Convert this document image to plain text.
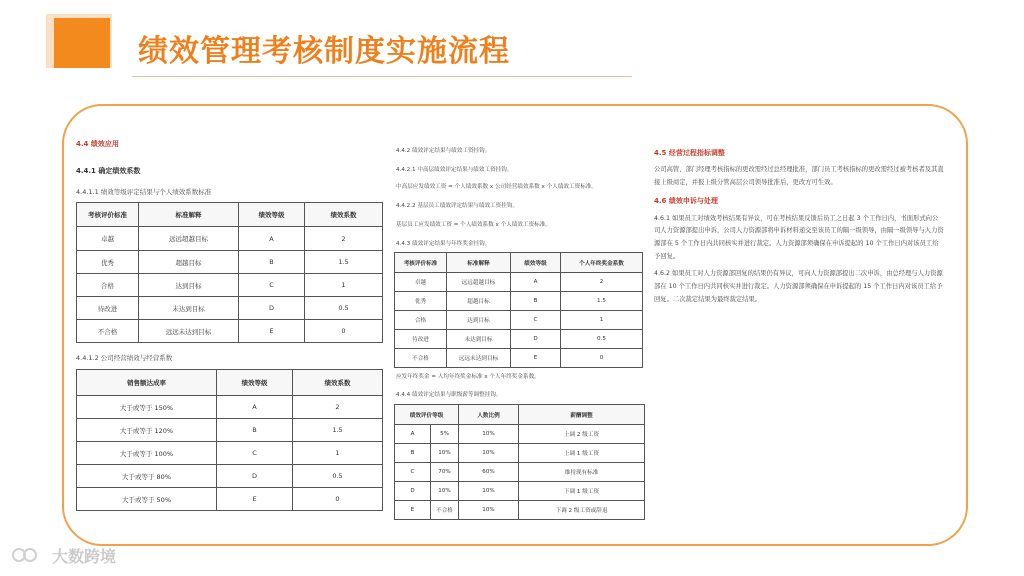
绩效管理考核制度实施流程

4.4 绩效应用

4.4.1 确定绩效系数

4.4.1.1 绩效等级评定结果与个人绩效系数标准

考核评价标准	标准解释	绩效等级	绩效系数
卓越	远远超越目标	A	2
优秀	超越目标	B	1.5
合格	达到目标	C	1
待改进	未达到目标	D	0.5
不合格	远远未达到目标	E	0

4.4.1.2 公司经营绩效与经营系数

销售额达成率	绩效等级	绩效系数
大于或等于 150%	A	2
大于或等于 120%	B	1.5
大于或等于 100%	C	1
大于或等于 80%	D	0.5
大于或等于 50%	E	0

4.4.2 绩效评定结果与绩效工资挂钩。

4.4.2.1 中高层绩效评定结果与绩效工资挂钩。

中高层应发绩效工资 = 个人绩效系数 x 公司经营绩效系数 x 个人绩效工资标准。

4.4.2.2 基层员工绩效评定结果与绩效工资挂钩。

基层员工应发绩效工资 = 个人绩效系数 x 个人绩效工资标准。

4.4.3 绩效评定结果与年终奖金挂钩。

考核评价标准	标准解释	绩效等级	个人年终奖金系数
卓越	远远超越目标	A	2
优秀	超越目标	B	1.5
合格	达到目标	C	1
待改进	未达到目标	D	0.5
不合格	远远未达到目标	E	0

应发年终奖金 = 人均年终奖金标准 x 个人年终奖金系数。

4.4.4 绩效评定结果与职级薪等调整挂钩。

绩效评价等级		人数比例	薪酬调整
A	5%	10%	上调 2 级工资
B	10%	10%	上调 1 级工资
C	70%	60%	维持现有标准
D	10%	10%	下调 1 级工资
E	不合格	10%	下调 2 级工资或辞退

4.5 经营过程指标调整

公司高管、部门经理考核指标的更改需经过总经理批准，部门员工考核指标的更改需经过被考核者及其直接上级商定，并报上级分管高层公司领导批准后，更改方可生效。

4.6 绩效申诉与处理

4.6.1 如果员工对绩效考核结果有异议，可在考核结果反馈后员工之日起 3 个工作日内，书面形式向公司人力资源部提出申诉，公司人力资源部将申诉材料递交至该员工的隔一级领导，由隔一级领导与人力资源部在 5 个工作日内共同核实并进行裁定。人力资源部须确保在申诉提起的 10 个工作日内对该员工给予回复。

4.6.2 如果员工对人力资源部回复的结果仍有异议，可向人力资源部提出二次申诉，由总经理与人力资源部在 10 个工作日内共同核实并进行裁定。人力资源部须确保在申诉提起的 15 个工作日内对该员工给予回复。二次裁定结果为最终裁定结果。

大数跨境
